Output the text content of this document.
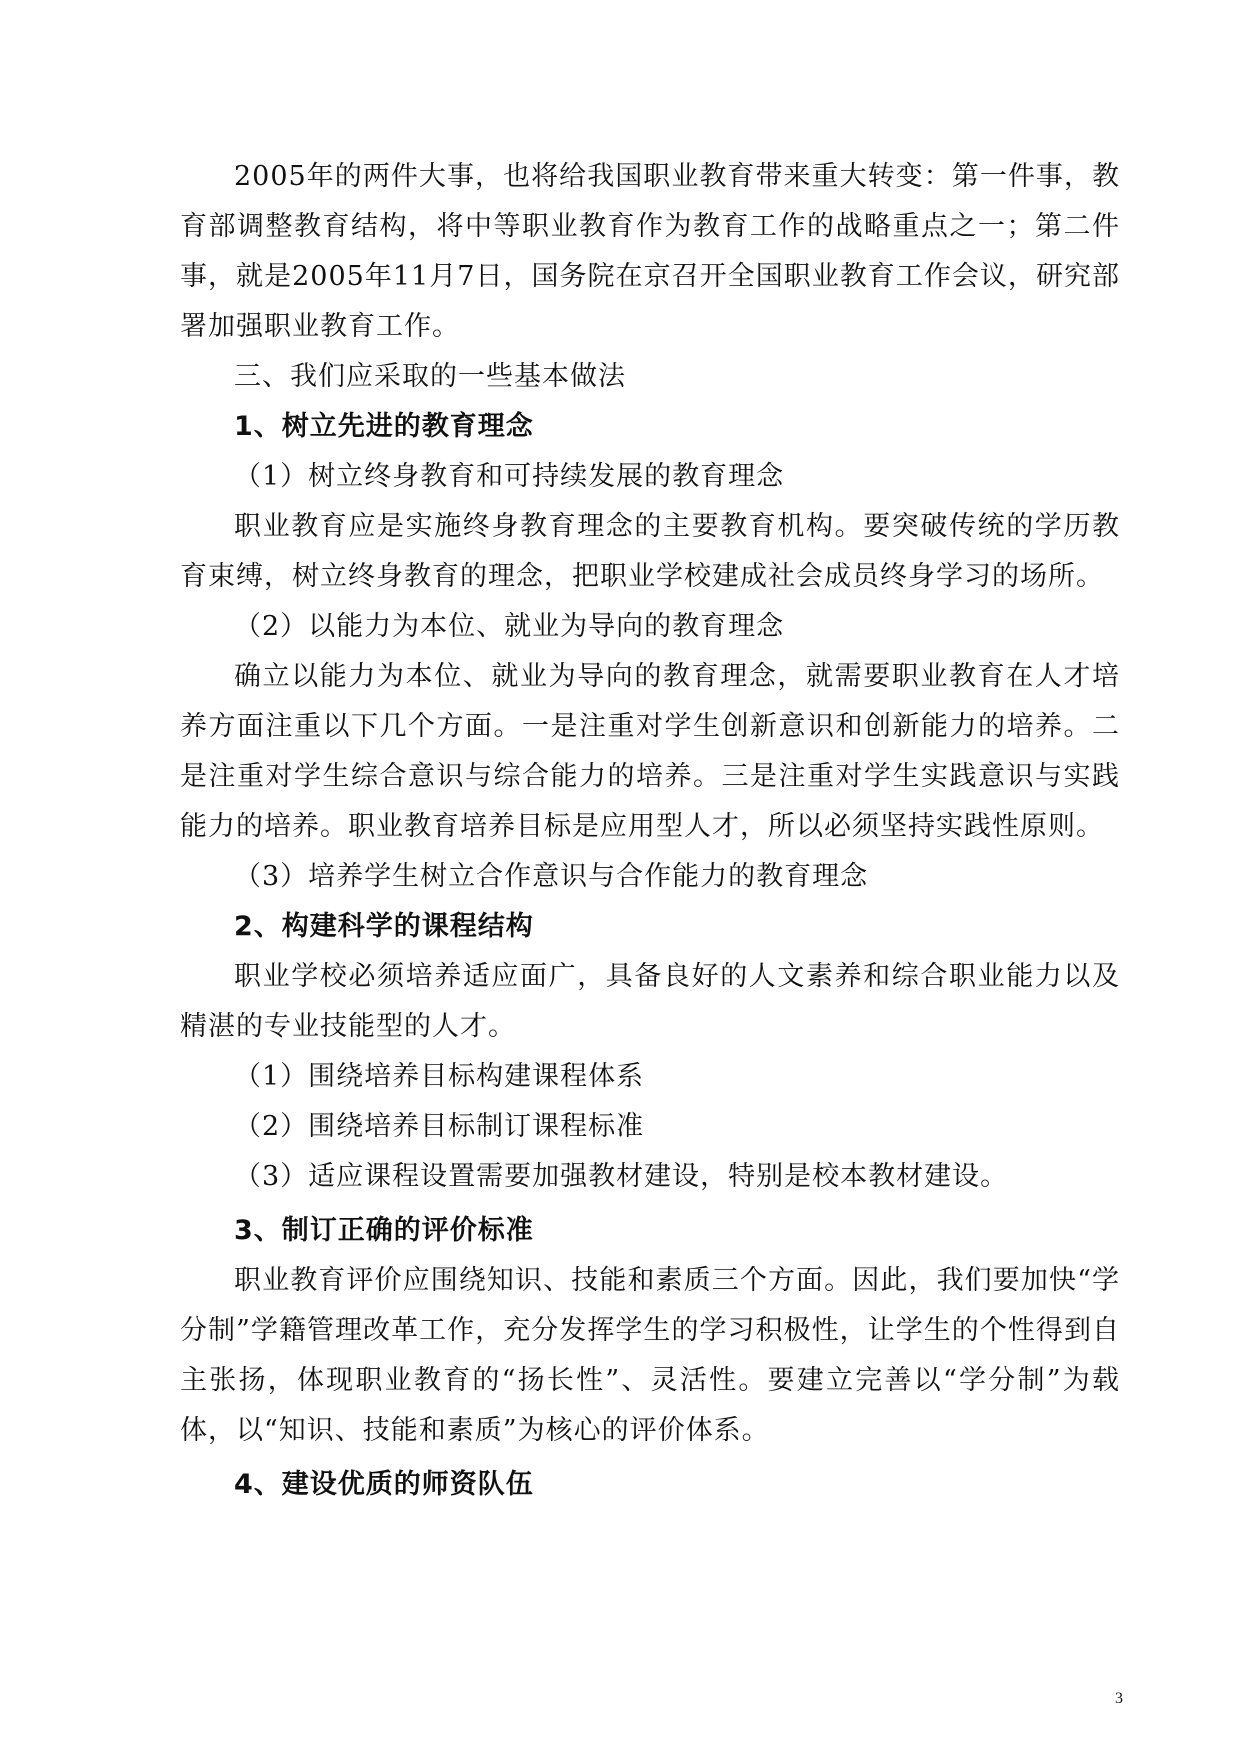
2005年的两件大事，也将给我国职业教育带来重大转变：第一件事，教育部调整教育结构，将中等职业教育作为教育工作的战略重点之一；第二件事，就是2005年11月7日，国务院在京召开全国职业教育工作会议，研究部署加强职业教育工作。

三、我们应采取的一些基本做法

1、树立先进的教育理念

（1）树立终身教育和可持续发展的教育理念

职业教育应是实施终身教育理念的主要教育机构。要突破传统的学历教育束缚，树立终身教育的理念，把职业学校建成社会成员终身学习的场所。

（2）以能力为本位、就业为导向的教育理念

确立以能力为本位、就业为导向的教育理念，就需要职业教育在人才培养方面注重以下几个方面。一是注重对学生创新意识和创新能力的培养。二是注重对学生综合意识与综合能力的培养。三是注重对学生实践意识与实践能力的培养。职业教育培养目标是应用型人才，所以必须坚持实践性原则。

（3）培养学生树立合作意识与合作能力的教育理念

2、构建科学的课程结构

职业学校必须培养适应面广，具备良好的人文素养和综合职业能力以及精湛的专业技能型的人才。

（1）围绕培养目标构建课程体系

（2）围绕培养目标制订课程标准

（3）适应课程设置需要加强教材建设，特别是校本教材建设。

3、制订正确的评价标准

职业教育评价应围绕知识、技能和素质三个方面。因此，我们要加快“学分制”学籍管理改革工作，充分发挥学生的学习积极性，让学生的个性得到自主张扬，体现职业教育的“扬长性”、灵活性。要建立完善以“学分制”为载体，以“知识、技能和素质”为核心的评价体系。

4、建设优质的师资队伍

3
